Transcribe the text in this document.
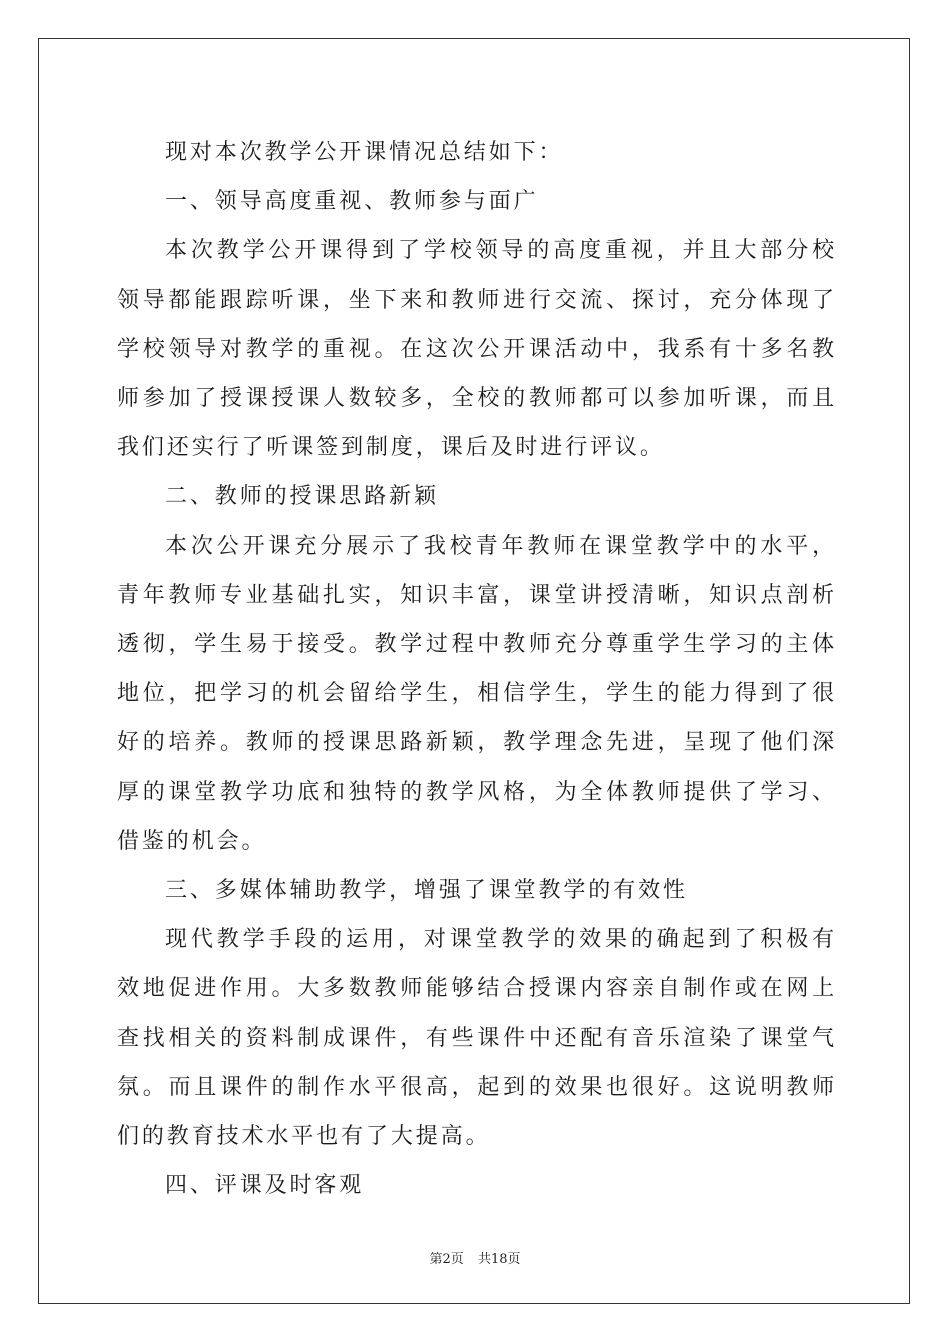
现对本次教学公开课情况总结如下：

一、领导高度重视、教师参与面广

本次教学公开课得到了学校领导的高度重视，并且大部分校领导都能跟踪听课，坐下来和教师进行交流、探讨，充分体现了学校领导对教学的重视。在这次公开课活动中，我系有十多名教师参加了授课授课人数较多，全校的教师都可以参加听课，而且我们还实行了听课签到制度，课后及时进行评议。

二、教师的授课思路新颖

本次公开课充分展示了我校青年教师在课堂教学中的水平，青年教师专业基础扎实，知识丰富，课堂讲授清晰，知识点剖析透彻，学生易于接受。教学过程中教师充分尊重学生学习的主体地位，把学习的机会留给学生，相信学生，学生的能力得到了很好的培养。教师的授课思路新颖，教学理念先进，呈现了他们深厚的课堂教学功底和独特的教学风格，为全体教师提供了学习、借鉴的机会。

三、多媒体辅助教学，增强了课堂教学的有效性

现代教学手段的运用，对课堂教学的效果的确起到了积极有效地促进作用。大多数教师能够结合授课内容亲自制作或在网上查找相关的资料制成课件，有些课件中还配有音乐渲染了课堂气氛。而且课件的制作水平很高，起到的效果也很好。这说明教师们的教育技术水平也有了大提高。

四、评课及时客观

第2页 共18页
